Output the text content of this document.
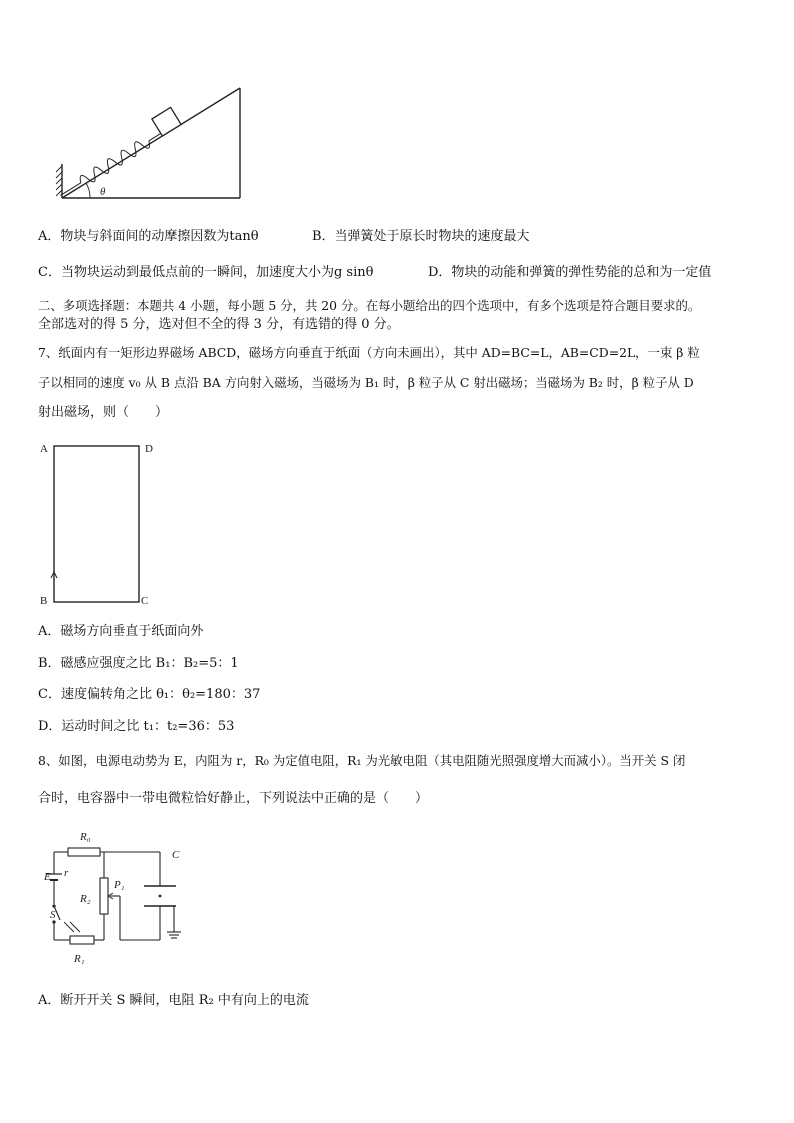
θ
A．物块与斜面间的动摩擦因数为tanθ	B．当弹簧处于原长时物块的速度最大
C．当物块运动到最低点前的一瞬间，加速度大小为g sinθ	D．物块的动能和弹簧的弹性势能的总和为一定值
二、多项选择题：本题共 4 小题，每小题 5 分，共 20 分。在每小题给出的四个选项中，有多个选项是符合题目要求的。
全部选对的得 5 分，选对但不全的得 3 分，有选错的得 0 分。
7、纸面内有一矩形边界磁场 ABCD，磁场方向垂直于纸面（方向未画出），其中 AD=BC=L，AB=CD=2L，一束 β 粒
子以相同的速度 v₀ 从 B 点沿 BA 方向射入磁场，当磁场为 B₁ 时，β 粒子从 C 射出磁场；当磁场为 B₂ 时，β 粒子从 D
射出磁场，则（　　）
A	D
B	C
A．磁场方向垂直于纸面向外
B．磁感应强度之比 B₁：B₂=5：1
C．速度偏转角之比 θ₁：θ₂=180：37
D．运动时间之比 t₁：t₂=36：53
8、如图，电源电动势为 E，内阻为 r，R₀ 为定值电阻，R₁ 为光敏电阻（其电阻随光照强度增大而减小）。当开关 S 闭
合时，电容器中一带电微粒恰好静止，下列说法中正确的是（　　）
R₀
E r
S
R₁
R₂
P₁
C
A．断开开关 S 瞬间，电阻 R₂ 中有向上的电流
